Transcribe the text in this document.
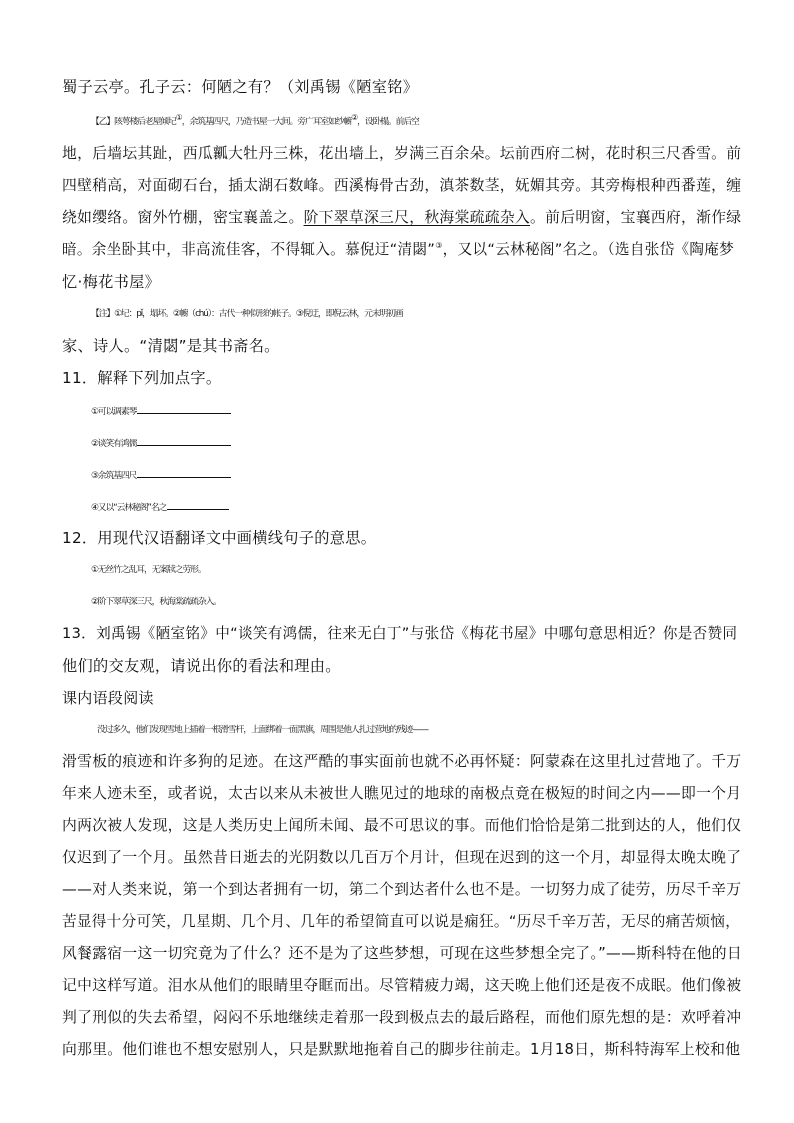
蜀子云亭。孔子云：何陋之有？（刘禹锡《陋室铭》
【乙】陔萼楼后老屋倾圮①，余筑基四尺，乃造书屋一大间。旁广耳室如纱幮②，设卧榻。前后空
地，后墙坛其趾，西瓜瓤大牡丹三株，花出墙上，岁满三百余朵。坛前西府二树，花时积三尺香雪。前
四壁稍高，对面砌石台，插太湖石数峰。西溪梅骨古劲，滇茶数茎，妩媚其旁。其旁梅根种西番莲，缠
绕如缨络。窗外竹棚，密宝襄盖之。阶下翠草深三尺，秋海棠疏疏杂入。前后明窗，宝襄西府，渐作绿
暗。余坐卧其中，非高流佳客，不得辄入。慕倪迂“清閟”③，又以“云林秘阁”名之。（选自张岱《陶庵梦
忆·梅花书屋》
【注】①圮：pǐ，塌坏。②幮（chú）：古代一种似形的帐子。③倪迂，即倪云林，元末明初画
家、诗人。“清閟”是其书斋名。
11．解释下列加点字。
①可以调素琴
②谈笑有鸿儒
③余筑基四尺
④又以“云林秘阁”名之
12．用现代汉语翻译文中画横线句子的意思。
①无丝竹之乱耳，无案牍之劳形。
②阶下翠草深三尺，秋海棠疏疏杂入。
13．刘禹锡《陋室铭》中“谈笑有鸿儒，往来无白丁”与张岱《梅花书屋》中哪句意思相近？你是否赞同
他们的交友观，请说出你的看法和理由。
课内语段阅读
没过多久，他们发现雪地上插着一根滑雪杆，上面绑着一面黑旗，周围是他人扎过营地的残迹——
滑雪板的痕迹和许多狗的足迹。在这严酷的事实面前也就不必再怀疑：阿蒙森在这里扎过营地了。千万
年来人迹未至，或者说，太古以来从未被世人瞧见过的地球的南极点竟在极短的时间之内——即一个月
内两次被人发现，这是人类历史上闻所未闻、最不可思议的事。而他们恰恰是第二批到达的人，他们仅
仅迟到了一个月。虽然昔日逝去的光阴数以几百万个月计，但现在迟到的这一个月，却显得太晚太晚了
——对人类来说，第一个到达者拥有一切，第二个到达者什么也不是。一切努力成了徒劳，历尽千辛万
苦显得十分可笑，几星期、几个月、几年的希望简直可以说是痫狂。“历尽千辛万苦，无尽的痛苦烦恼，
风餐露宿一这一切究竟为了什么？还不是为了这些梦想，可现在这些梦想全完了。”——斯科特在他的日
记中这样写道。泪水从他们的眼睛里夺眶而出。尽管精疲力竭，这天晚上他们还是夜不成眠。他们像被
判了刑似的失去希望，闷闷不乐地继续走着那一段到极点去的最后路程，而他们原先想的是：欢呼着冲
向那里。他们谁也不想安慰别人，只是默默地拖着自己的脚步往前走。1月18日，斯科特海军上校和他
